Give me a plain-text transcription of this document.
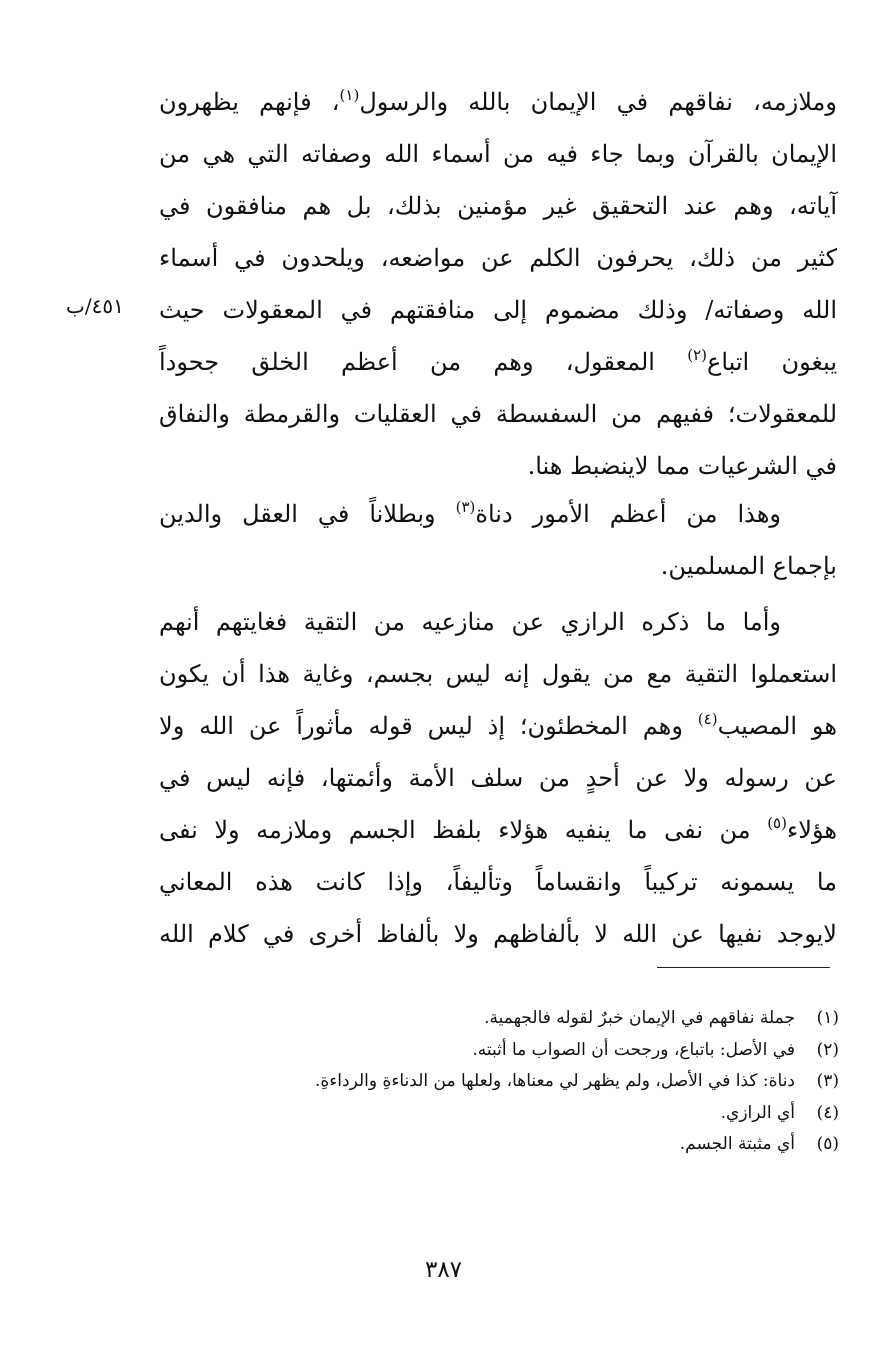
وملازمه، نفاقهم في الإيمان بالله والرسول$^{(١)}$، فإنهم يظهرون
الإيمان بالقرآن وبما جاء فيه من أسماء الله وصفاته التي هي من
آياته، وهم عند التحقيق غير مؤمنين بذلك، بل هم منافقون في
كثير من ذلك، يحرفون الكلم عن مواضعه، ويلحدون في أسماء
الله وصفاته/ وذلك مضموم إلى منافقتهم في المعقولات حيث
يبغون اتباع$^{(٢)}$ المعقول، وهم من أعظم الخلق جحوداً
للمعقولات؛ ففيهم من السفسطة في العقليات والقرمطة والنفاق
في الشرعيات مما لاينضبط هنا.
وهذا من أعظم الأمور دناة$^{(٣)}$ وبطلاناً في العقل والدين
بإجماع المسلمين.
وأما ما ذكره الرازي عن منازعيه من التقية فغايتهم أنهم
استعملوا التقية مع من يقول إنه ليس بجسم، وغاية هذا أن يكون
هو المصيب$^{(٤)}$ وهم المخطئون؛ إذ ليس قوله مأثوراً عن الله ولا
عن رسوله ولا عن أحدٍ من سلف الأمة وأئمتها، فإنه ليس في
هؤلاء$^{(٥)}$ من نفى ما ينفيه هؤلاء بلفظ الجسم وملازمه ولا نفى
ما يسمونه تركيباً وانقساماً وتأليفاً، وإذا كانت هذه المعاني
لايوجد نفيها عن الله لا بألفاظهم ولا بألفاظ أخرى في كلام الله
٤٥١/ب
(١)جملة نفاقهم في الإيمان خبرٌ لقوله فالجهمية.
(٢)في الأصل: باتباع، ورجحت أن الصواب ما أثبته.
(٣)دناة: كذا في الأصل، ولم يظهر لي معناها، ولعلها من الدناءةِ والرداءةِ.
(٤)أي الرازي.
(٥)أي مثبتة الجسم.
٣٨٧
